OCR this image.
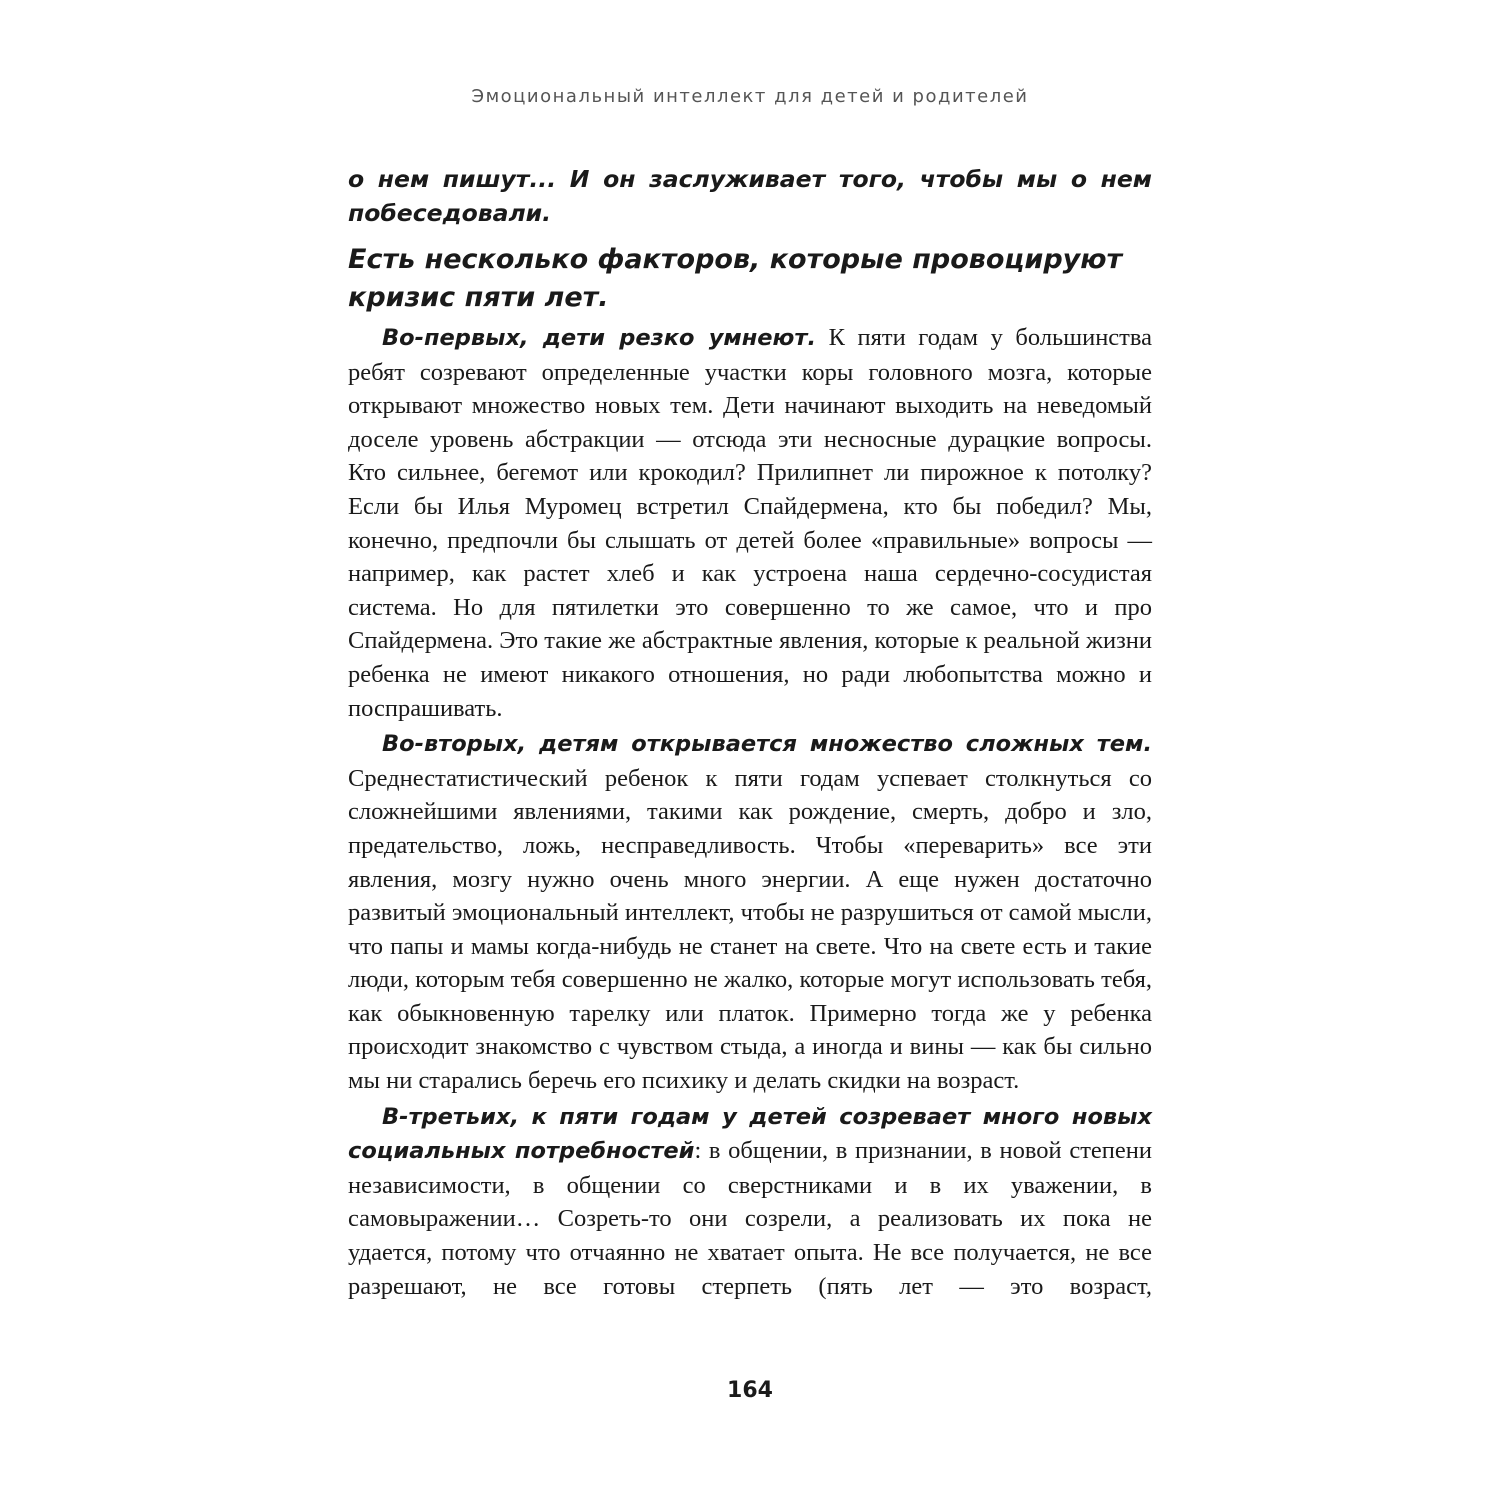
Эмоциональный интеллект для детей и родителей

о нем пишут... И он заслуживает того, чтобы мы о нем побеседовали.

Есть несколько факторов, которые провоцируют кризис пяти лет.

Во-первых, дети резко умнеют. К пяти годам у большинства ребят созревают определенные участки коры головного мозга, которые открывают множество новых тем. Дети начинают выходить на неведомый доселе уровень абстракции — отсюда эти несносные дурацкие вопросы. Кто сильнее, бегемот или крокодил? Прилипнет ли пирожное к потолку? Если бы Илья Муромец встретил Спайдермена, кто бы победил? Мы, конечно, предпочли бы слышать от детей более «правильные» вопросы — например, как растет хлеб и как устроена наша сердечно-сосудистая система. Но для пятилетки это совершенно то же самое, что и про Спайдермена. Это такие же абстрактные явления, которые к реальной жизни ребенка не имеют никакого отношения, но ради любопытства можно и поспрашивать.

Во-вторых, детям открывается множество сложных тем. Среднестатистический ребенок к пяти годам успевает столкнуться со сложнейшими явлениями, такими как рождение, смерть, добро и зло, предательство, ложь, несправедливость. Чтобы «переварить» все эти явления, мозгу нужно очень много энергии. А еще нужен достаточно развитый эмоциональный интеллект, чтобы не разрушиться от самой мысли, что папы и мамы когда-нибудь не станет на свете. Что на свете есть и такие люди, которым тебя совершенно не жалко, которые могут использовать тебя, как обыкновенную тарелку или платок. Примерно тогда же у ребенка происходит знакомство с чувством стыда, а иногда и вины — как бы сильно мы ни старались беречь его психику и делать скидки на возраст.

В-третьих, к пяти годам у детей созревает много новых социальных потребностей: в общении, в признании, в новой степени независимости, в общении со сверстниками и в их уважении, в самовыражении… Созреть-то они созрели, а реализовать их пока не удается, потому что отчаянно не хватает опыта. Не все получается, не все разрешают, не все готовы стерпеть (пять лет — это возраст,

164
